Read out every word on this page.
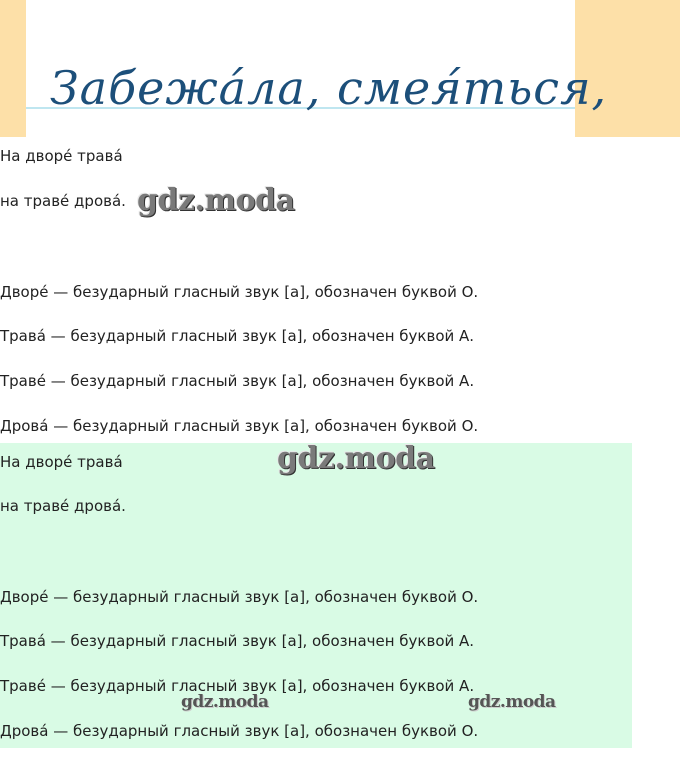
Забежа́ла, смея́ться,
На дворе́ трава́
на траве́ дрова́. gdz.moda
Дворе́ — безударный гласный звук [а], обозначен буквой О.
Трава́ — безударный гласный звук [а], обозначен буквой А.
Траве́ — безударный гласный звук [а], обозначен буквой А.
Дрова́ — безударный гласный звук [а], обозначен буквой О.
На дворе́ трава́
на траве́ дрова́.
gdz.moda
Дворе́ — безударный гласный звук [а], обозначен буквой О.
Трава́ — безударный гласный звук [а], обозначен буквой А.
Траве́ — безударный гласный звук [а], обозначен буквой А.
Дрова́ — безударный гласный звук [а], обозначен буквой О.
gdz.moda	gdz.moda
